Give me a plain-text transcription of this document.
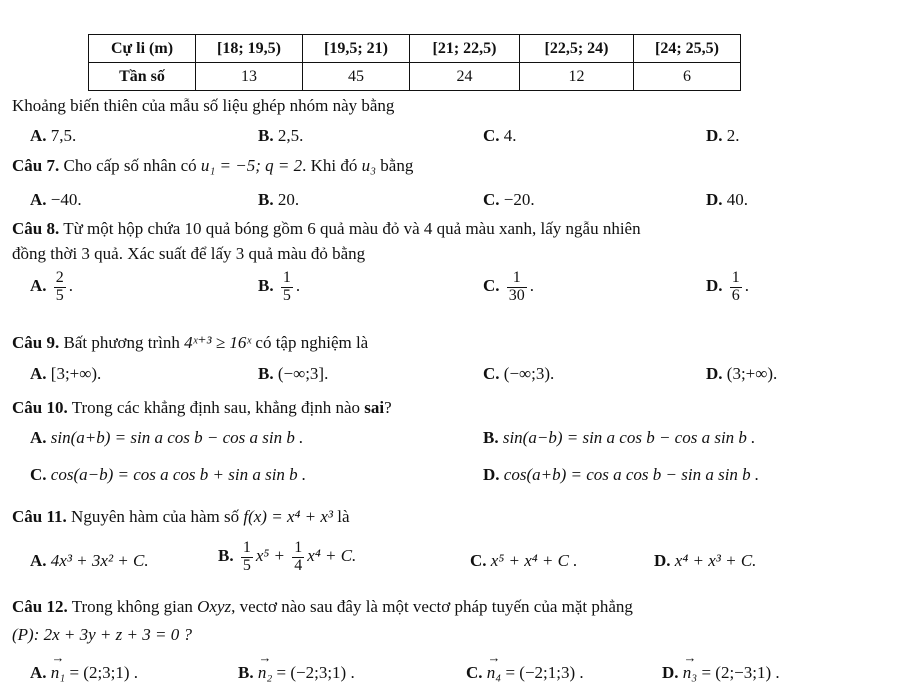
Cự li (m)	[18; 19,5)	[19,5; 21)	[21; 22,5)	[22,5; 24)	[24; 25,5)
Tần số	13	45	24	12	6
Khoảng biến thiên của mẫu số liệu ghép nhóm này bằng
A. 7,5.	B. 2,5.	C. 4.	D. 2.
Câu 7. Cho cấp số nhân có u₁ = −5; q = 2. Khi đó u₃ bằng
A. −40.	B. 20.	C. −20.	D. 40.
Câu 8. Từ một hộp chứa 10 quả bóng gồm 6 quả màu đỏ và 4 quả màu xanh, lấy ngẫu nhiên
đồng thời 3 quả. Xác suất để lấy 3 quả màu đỏ bằng
A. $\frac{2}{5}$ .	B. $\frac{1}{5}$ .	C. $\frac{1}{30}$ .	D. $\frac{1}{6}$ .
Câu 9. Bất phương trình 4ˣ⁺³ ≥ 16ˣ có tập nghiệm là
A. [3;+∞).	B. (−∞;3].	C. (−∞;3).	D. (3;+∞).
Câu 10. Trong các khẳng định sau, khẳng định nào sai?
A. sin(a+b) = sin a cos b − cos a sin b .	B. sin(a−b) = sin a cos b − cos a sin b .
C. cos(a−b) = cos a cos b + sin a sin b .	D. cos(a+b) = cos a cos b − sin a sin b .
Câu 11. Nguyên hàm của hàm số f(x) = x⁴ + x³ là
A. 4x³ + 3x² + C.	B. $\frac{1}{5} x^5 + \frac{1}{4} x^4 + C$.	C. x⁵ + x⁴ + C .	D. x⁴ + x³ + C.
Câu 12. Trong không gian Oxyz, vectơ nào sau đây là một vectơ pháp tuyến của mặt phẳng
(P): 2x + 3y + z + 3 = 0 ?
A. → n₁ = (2;3;1) .	B. → n₂ = (−2;3;1) .	C. → n₄ = (−2;1;3) .	D. → n₃ = (2;−3;1) .
